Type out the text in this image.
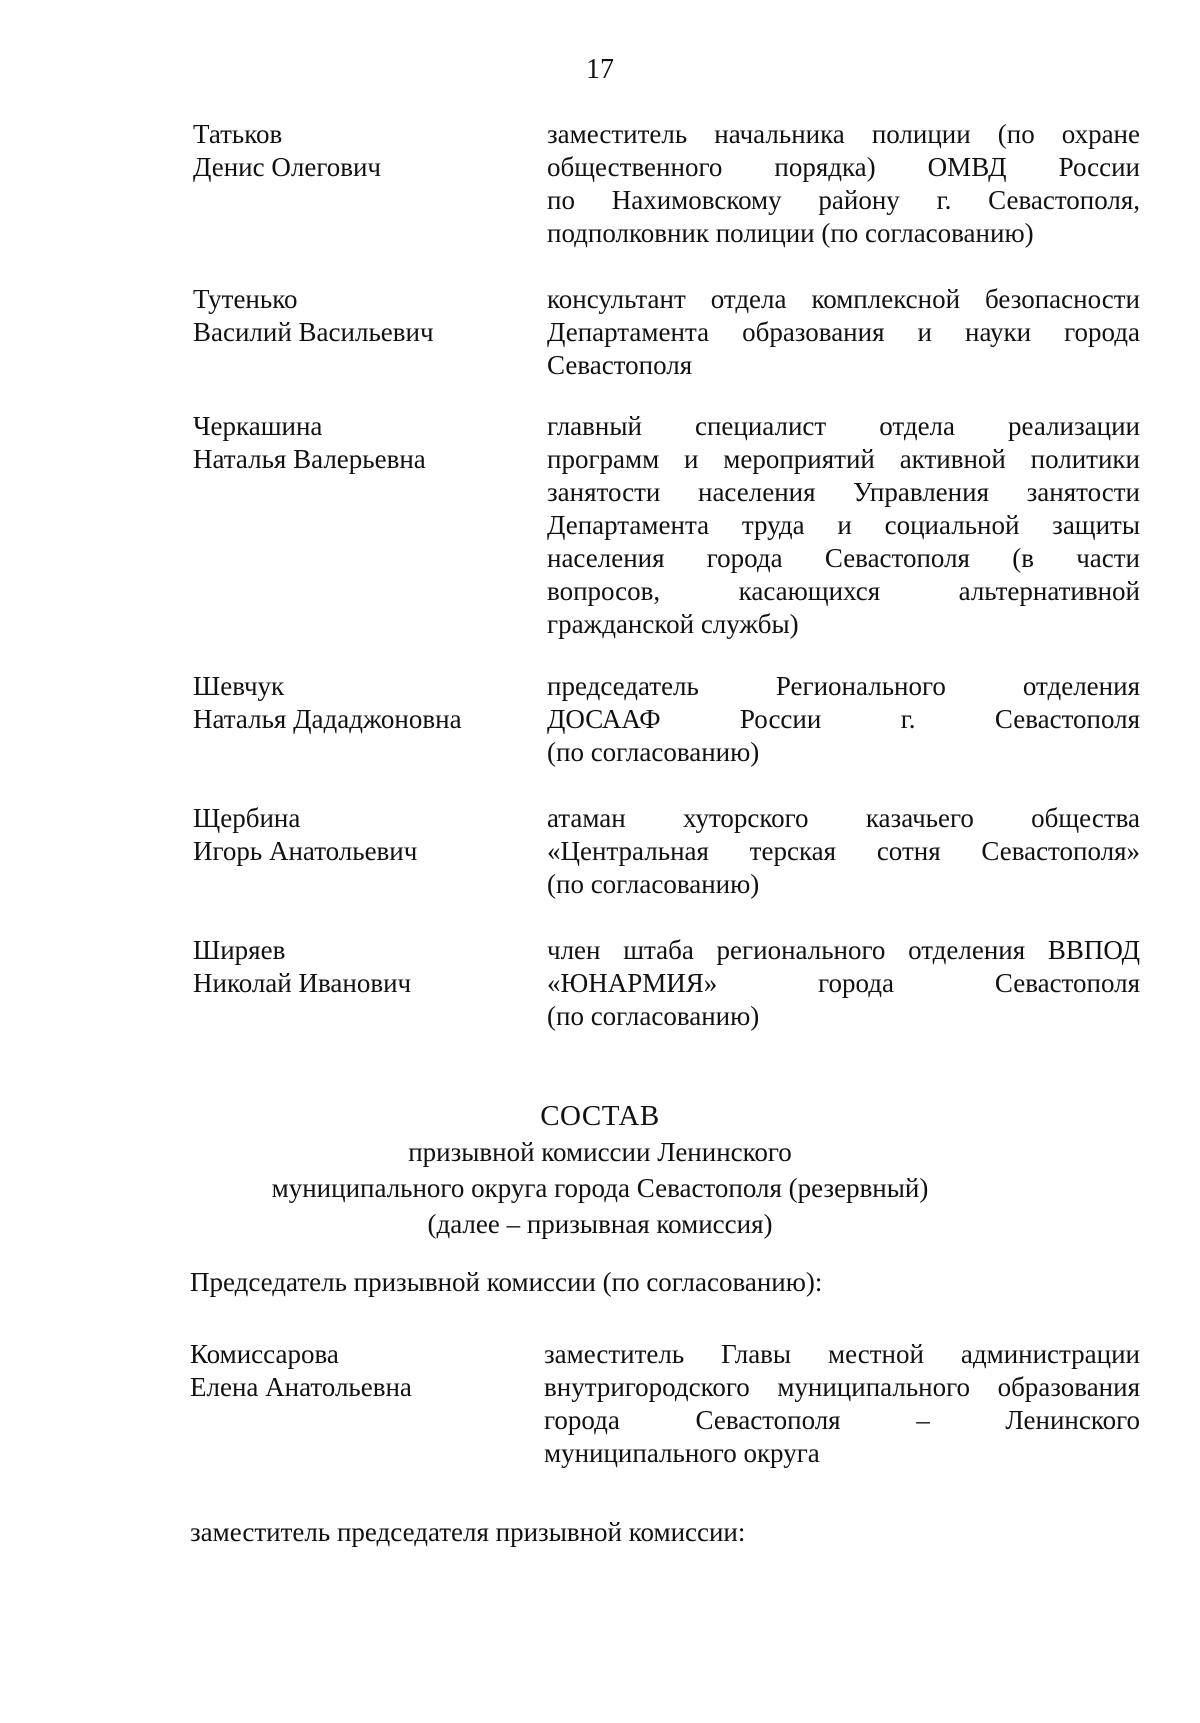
17
Татьков
Денис Олегович
заместитель начальника полиции (по охране
общественного порядка) ОМВД России
по Нахимовскому району г. Севастополя,
подполковник полиции (по согласованию)
Тутенько
Василий Васильевич
консультант отдела комплексной безопасности
Департамента образования и науки города
Севастополя
Черкашина
Наталья Валерьевна
главный специалист отдела реализации
программ и мероприятий активной политики
занятости населения Управления занятости
Департамента труда и социальной защиты
населения города Севастополя (в части
вопросов, касающихся альтернативной
гражданской службы)
Шевчук
Наталья Дададжоновна
председатель Регионального отделения
ДОСААФ России г. Севастополя
(по согласованию)
Щербина
Игорь Анатольевич
атаман хуторского казачьего общества
«Центральная терская сотня Севастополя»
(по согласованию)
Ширяев
Николай Иванович
член штаба регионального отделения ВВПОД
«ЮНАРМИЯ» города Севастополя
(по согласованию)
СОСТАВ
призывной комиссии Ленинского
муниципального округа города Севастополя (резервный)
(далее – призывная комиссия)
Председатель призывной комиссии (по согласованию):
Комиссарова
Елена Анатольевна
заместитель Главы местной администрации
внутригородского муниципального образования
города Севастополя – Ленинского
муниципального округа
заместитель председателя призывной комиссии:
